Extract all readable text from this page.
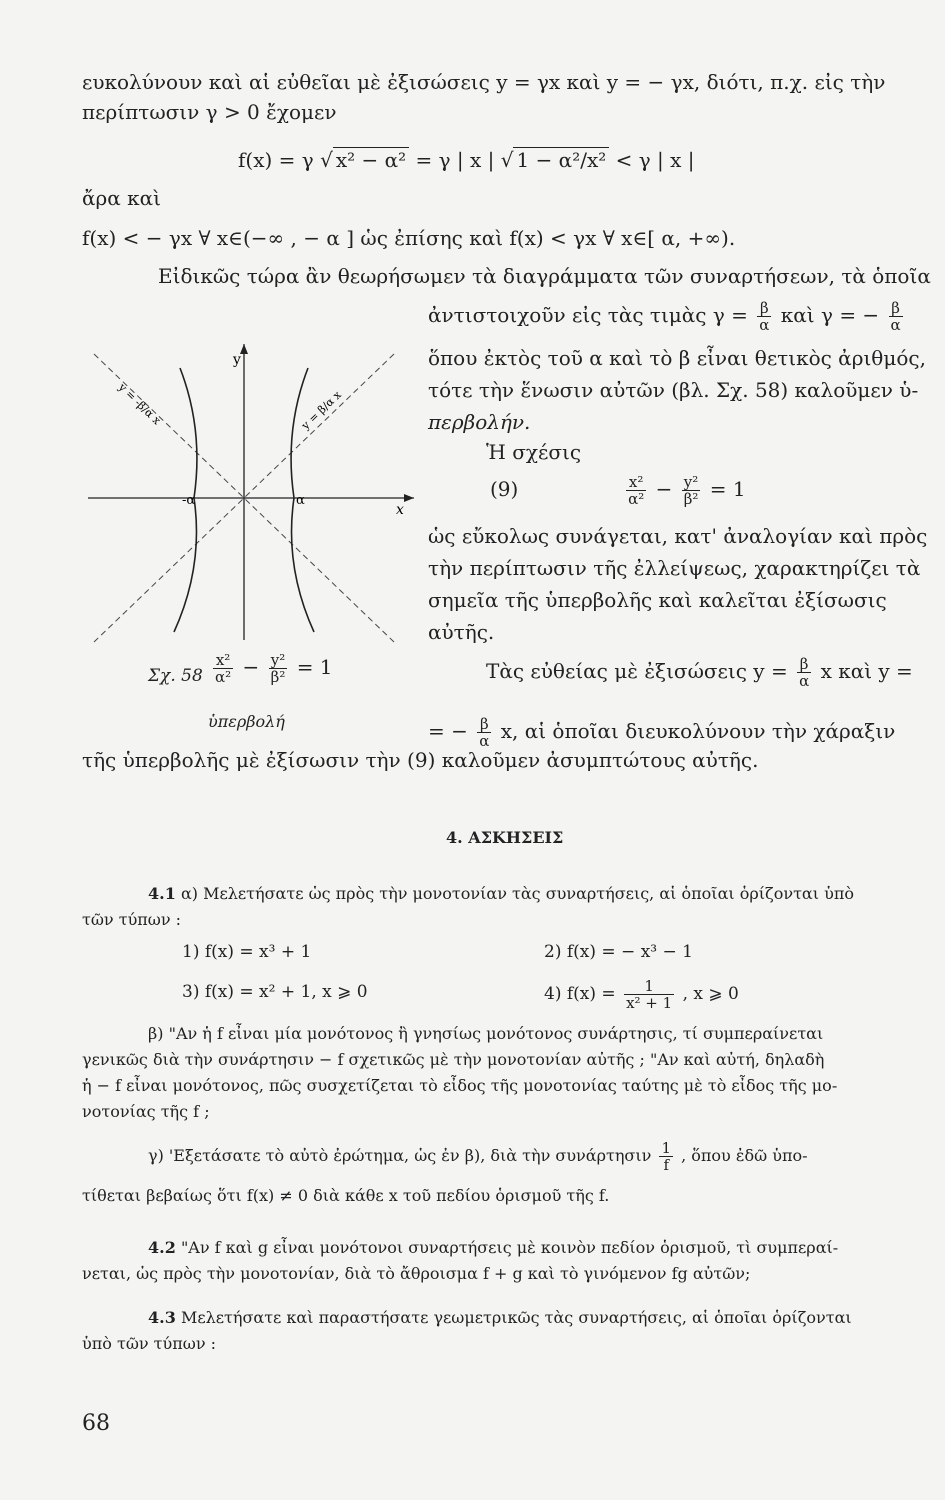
ευκολύνουν καὶ αἱ εὐθεῖαι μὲ ἐξισώσεις y = γx καὶ y = − γx, διότι, π.χ. εἰς τὴν
περίπτωσιν γ > 0 ἔχομεν
f(x) = γ √ x² − α² = γ | x | √ 1 − α²/x² < γ | x |
ἄρα καὶ
f(x) < − γx ∀ x∈(−∞ , − α ] ὡς ἐπίσης καὶ f(x) < γx ∀ x∈[ α, +∞).
Εἰδικῶς τώρα ἂν θεωρήσωμεν τὰ διαγράμματα τῶν συναρτήσεων, τὰ ὁποῖα
ἀντιστοιχοῦν εἰς τὰς τιμὰς $\gamma = \frac{\beta}{\alpha}$ καὶ γ = − $\frac{\beta}{\alpha}$
ὅπου ἐκτὸς τοῦ α καὶ τὸ β εἶναι θετικὸς ἀριθμός,
τότε τὴν ἕνωσιν αὐτῶν (βλ. Σχ. 58) καλοῦμεν ὑ-
περβολήν.
Ἡ σχέσις
(9)	$\frac{\text{x²}}{\text{α²}} - \frac{\text{y²}}{\text{β²}} = 1$
ὡς εὔκολως συνάγεται, κατ' ἀναλογίαν καὶ πρὸς
τὴν περίπτωσιν τῆς ἐλλείψεως, χαρακτηρίζει τὰ
σημεῖα τῆς ὑπερβολῆς καὶ καλεῖται ἐξίσωσις
αὐτῆς.
Τὰς εὐθείας μὲ ἐξισώσεις $y = \frac{\beta}{\alpha}$ x καὶ y =
= − $\frac{\beta}{\alpha} x$, αἱ ὁποῖαι διευκολύνουν τὴν χάραξιν
y
x
-α	α
y = -β/α x	y = β/α x
Σχ. $58 \frac{\text{x²}}{\text{α²}} - \frac{\text{y²}}{\text{β²}} = 1$
ὑπερβολή
τῆς ὑπερβολῆς μὲ ἐξίσωσιν τὴν (9) καλοῦμεν ἀσυμπτώτους αὐτῆς.
4. ΑΣΚΗΣΕΙΣ
4.1 α) Μελετήσατε ὡς πρὸς τὴν μονοτονίαν τὰς συναρτήσεις, αἱ ὁποῖαι ὁρίζονται ὑπὸ
τῶν τύπων :
1) f(x) = x³ + 1	2) f(x) = − x³ − 1
3) f(x) = x² + 1, x ⩾ 0	4) $f(x) = \frac{1}{\text{x² + 1}}$ , x ⩾ 0
β) "Αν ἡ f εἶναι μία μονότονος ἢ γνησίως μονότονος συνάρτησις, τί συμπεραίνεται
γενικῶς διὰ τὴν συνάρτησιν − f σχετικῶς μὲ τὴν μονοτονίαν αὐτῆς ; "Αν καὶ αὐτή, δηλαδὴ
ἡ − f εἶναι μονότονος, πῶς συσχετίζεται τὸ εἶδος τῆς μονοτονίας ταύτης μὲ τὸ εἶδος τῆς μο-
νοτονίας τῆς f ;
γ) 'Εξετάσατε τὸ αὐτὸ ἐρώτημα, ὡς ἐν β), διὰ τὴν συνάρτησιν $\frac{1}{f}$ , ὅπου ἐδῶ ὑπο-
τίθεται βεβαίως ὅτι f(x) ≠ 0 διὰ κάθε x τοῦ πεδίου ὁρισμοῦ τῆς f.
4.2 "Αν f καὶ g εἶναι μονότονοι συναρτήσεις μὲ κοινὸν πεδίον ὁρισμοῦ, τὶ συμπεραί-
νεται, ὡς πρὸς τὴν μονοτονίαν, διὰ τὸ ἄθροισμα f + g καὶ τὸ γινόμενον fg αὐτῶν;
4.3 Μελετήσατε καὶ παραστήσατε γεωμετρικῶς τὰς συναρτήσεις, αἱ ὁποῖαι ὁρίζονται
ὑπὸ τῶν τύπων :
68
